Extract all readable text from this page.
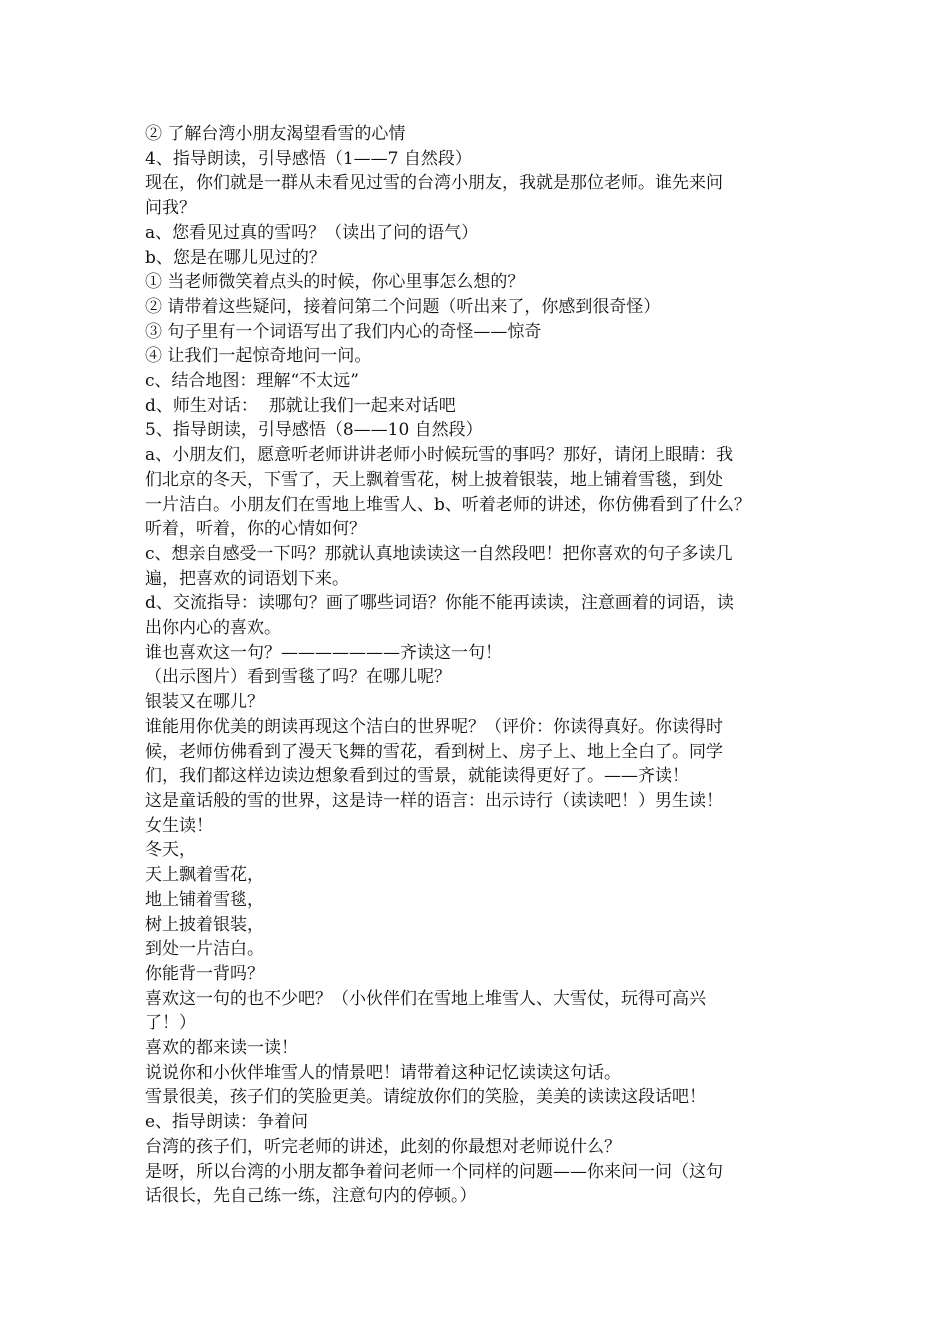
② 了解台湾小朋友渴望看雪的心情

4、指导朗读，引导感悟（1——7 自然段）

现在，你们就是一群从未看见过雪的台湾小朋友，我就是那位老师。谁先来问

问我？

a、您看见过真的雪吗？（读出了问的语气）

b、您是在哪儿见过的？

① 当老师微笑着点头的时候，你心里事怎么想的？

② 请带着这些疑问，接着问第二个问题（听出来了，你感到很奇怪）

③ 句子里有一个词语写出了我们内心的奇怪——惊奇

④ 让我们一起惊奇地问一问。

c、结合地图：理解“不太远”

d、师生对话：  那就让我们一起来对话吧

5、指导朗读，引导感悟（8——10 自然段）

a、小朋友们，愿意听老师讲讲老师小时候玩雪的事吗？那好，请闭上眼睛：我

们北京的冬天，下雪了，天上飘着雪花，树上披着银装，地上铺着雪毯，到处

一片洁白。小朋友们在雪地上堆雪人、b、听着老师的讲述，你仿佛看到了什么？

听着，听着，你的心情如何？

c、想亲自感受一下吗？那就认真地读读这一自然段吧！把你喜欢的句子多读几

遍，把喜欢的词语划下来。

d、交流指导：读哪句？画了哪些词语？你能不能再读读，注意画着的词语，读

出你内心的喜欢。

谁也喜欢这一句？———————齐读这一句！

（出示图片）看到雪毯了吗？在哪儿呢？

银装又在哪儿？

谁能用你优美的朗读再现这个洁白的世界呢？（评价：你读得真好。你读得时

候，老师仿佛看到了漫天飞舞的雪花，看到树上、房子上、地上全白了。同学

们，我们都这样边读边想象看到过的雪景，就能读得更好了。——齐读！

这是童话般的雪的世界，这是诗一样的语言：出示诗行（读读吧！）男生读！

女生读！

冬天，

天上飘着雪花，

地上铺着雪毯，

树上披着银装，

到处一片洁白。

你能背一背吗？

喜欢这一句的也不少吧？（小伙伴们在雪地上堆雪人、大雪仗，玩得可高兴

了！）

喜欢的都来读一读！

说说你和小伙伴堆雪人的情景吧！请带着这种记忆读读这句话。

雪景很美，孩子们的笑脸更美。请绽放你们的笑脸，美美的读读这段话吧！

e、指导朗读：争着问

台湾的孩子们，听完老师的讲述，此刻的你最想对老师说什么？

是呀，所以台湾的小朋友都争着问老师一个同样的问题——你来问一问（这句

话很长，先自己练一练，注意句内的停顿。）
